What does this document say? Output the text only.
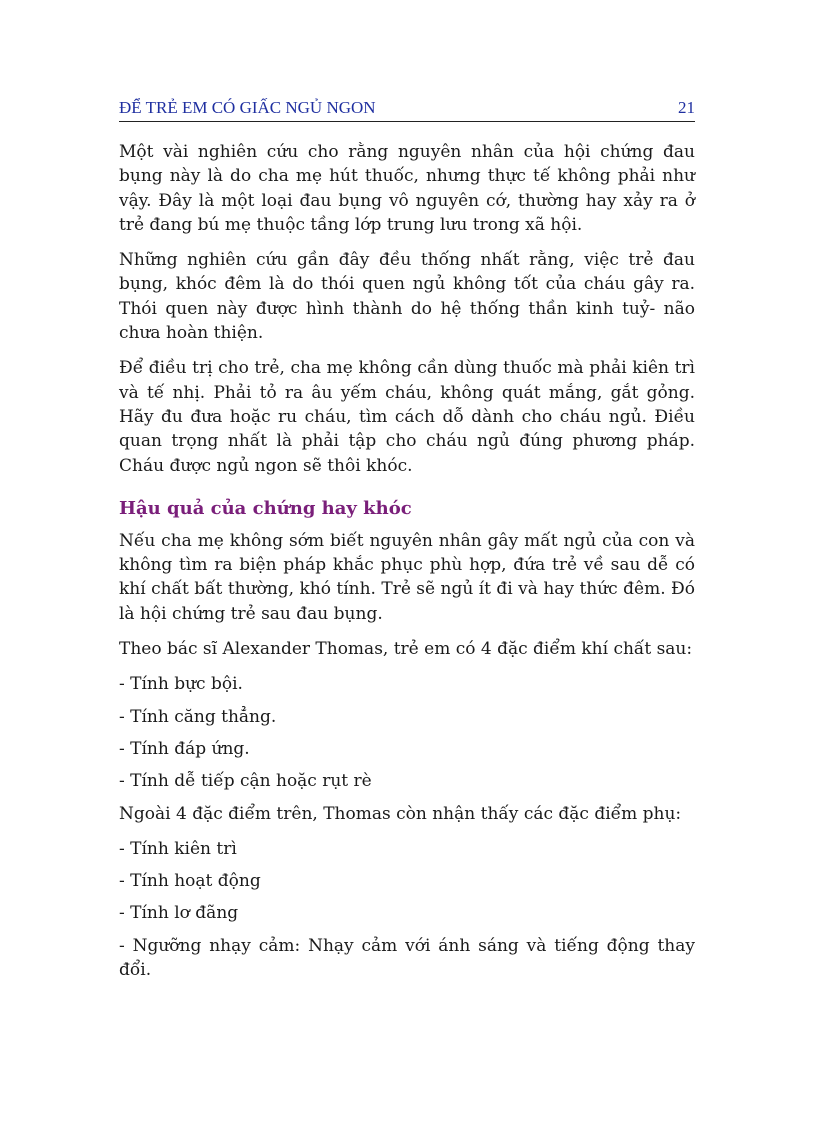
ĐỂ TRẺ EM CÓ GIẤC NGỦ NGON	21

Một vài nghiên cứu cho rằng nguyên nhân của hội chứng đau bụng này là do cha mẹ hút thuốc, nhưng thực tế không phải như vậy. Đây là một loại đau bụng vô nguyên cớ, thường hay xảy ra ở trẻ đang bú mẹ thuộc tầng lớp trung lưu trong xã hội.

Những nghiên cứu gần đây đều thống nhất rằng, việc trẻ đau bụng, khóc đêm là do thói quen ngủ không tốt của cháu gây ra. Thói quen này được hình thành do hệ thống thần kinh tuỷ- não chưa hoàn thiện.

Để điều trị cho trẻ, cha mẹ không cần dùng thuốc mà phải kiên trì và tế nhị. Phải tỏ ra âu yếm cháu, không quát mắng, gắt gỏng. Hãy đu đưa hoặc ru cháu, tìm cách dỗ dành cho cháu ngủ. Điều quan trọng nhất là phải tập cho cháu ngủ đúng phương pháp. Cháu được ngủ ngon sẽ thôi khóc.

Hậu quả của chứng hay khóc

Nếu cha mẹ không sớm biết nguyên nhân gây mất ngủ của con và không tìm ra biện pháp khắc phục phù hợp, đứa trẻ về sau dễ có khí chất bất thường, khó tính. Trẻ sẽ ngủ ít đi và hay thức đêm. Đó là hội chứng trẻ sau đau bụng.

Theo bác sĩ Alexander Thomas, trẻ em có 4 đặc điểm khí chất sau:

- Tính bực bội.

- Tính căng thẳng.

- Tính đáp ứng.

- Tính dễ tiếp cận hoặc rụt rè

Ngoài 4 đặc điểm trên, Thomas còn nhận thấy các đặc điểm phụ:

- Tính kiên trì

- Tính hoạt động

- Tính lơ đãng

- Ngưỡng nhạy cảm: Nhạy cảm với ánh sáng và tiếng động thay đổi.
